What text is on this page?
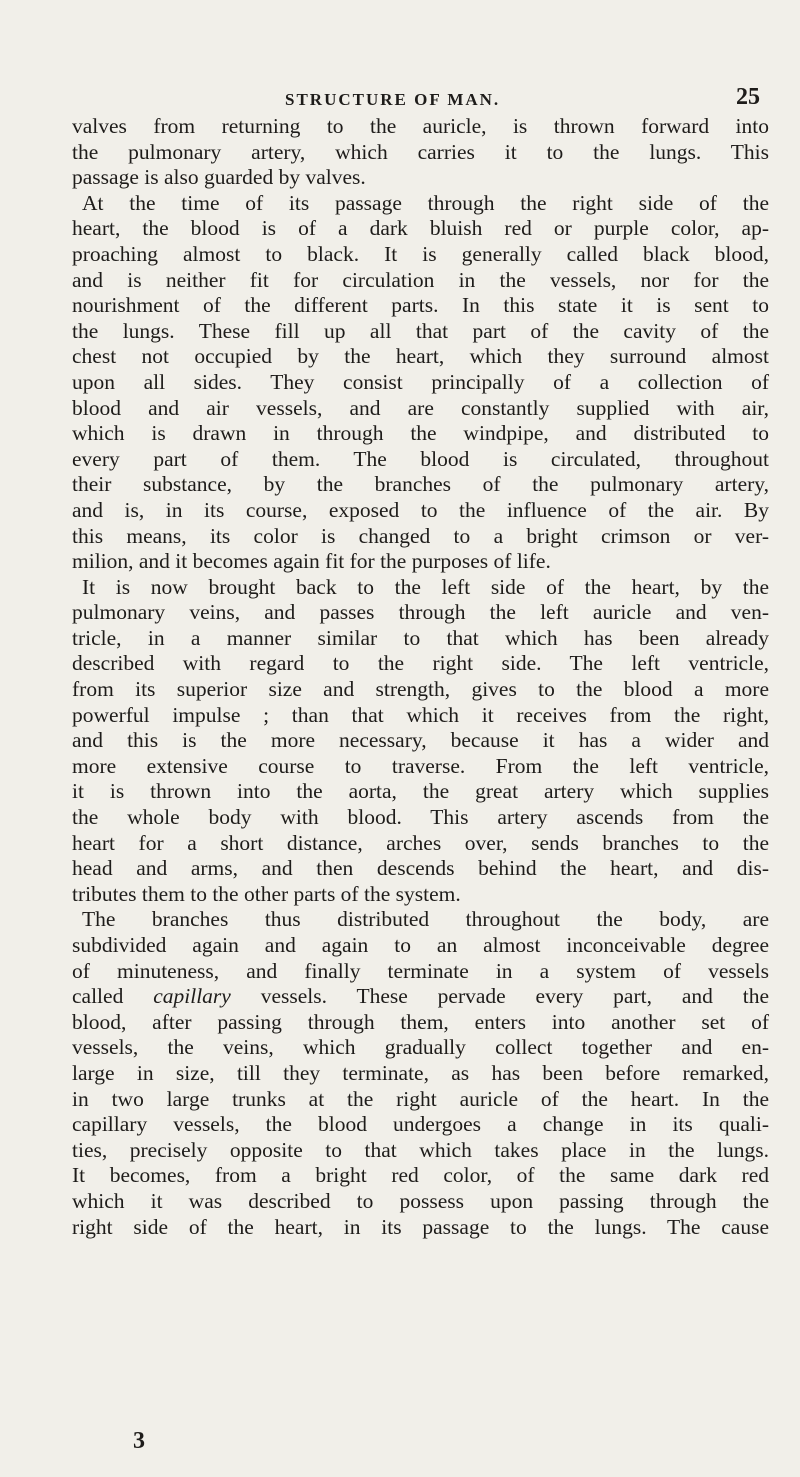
STRUCTURE OF MAN.	25
valves from returning to the auricle, is thrown forward into
the pulmonary artery, which carries it to the lungs. This
passage is also guarded by valves.
At the time of its passage through the right side of the
heart, the blood is of a dark bluish red or purple color, ap-
proaching almost to black. It is generally called black blood,
and is neither fit for circulation in the vessels, nor for the
nourishment of the different parts. In this state it is sent to
the lungs. These fill up all that part of the cavity of the
chest not occupied by the heart, which they surround almost
upon all sides. They consist principally of a collection of
blood and air vessels, and are constantly supplied with air,
which is drawn in through the windpipe, and distributed to
every part of them. The blood is circulated, throughout
their substance, by the branches of the pulmonary artery,
and is, in its course, exposed to the influence of the air. By
this means, its color is changed to a bright crimson or ver-
milion, and it becomes again fit for the purposes of life.
It is now brought back to the left side of the heart, by the
pulmonary veins, and passes through the left auricle and ven-
tricle, in a manner similar to that which has been already
described with regard to the right side. The left ventricle,
from its superior size and strength, gives to the blood a more
powerful impulse ; than that which it receives from the right,
and this is the more necessary, because it has a wider and
more extensive course to traverse. From the left ventricle,
it is thrown into the aorta, the great artery which supplies
the whole body with blood. This artery ascends from the
heart for a short distance, arches over, sends branches to the
head and arms, and then descends behind the heart, and dis-
tributes them to the other parts of the system.
The branches thus distributed throughout the body, are
subdivided again and again to an almost inconceivable degree
of minuteness, and finally terminate in a system of vessels
called capillary vessels. These pervade every part, and the
blood, after passing through them, enters into another set of
vessels, the veins, which gradually collect together and en-
large in size, till they terminate, as has been before remarked,
in two large trunks at the right auricle of the heart. In the
capillary vessels, the blood undergoes a change in its quali-
ties, precisely opposite to that which takes place in the lungs.
It becomes, from a bright red color, of the same dark red
which it was described to possess upon passing through the
right side of the heart, in its passage to the lungs. The cause
3
